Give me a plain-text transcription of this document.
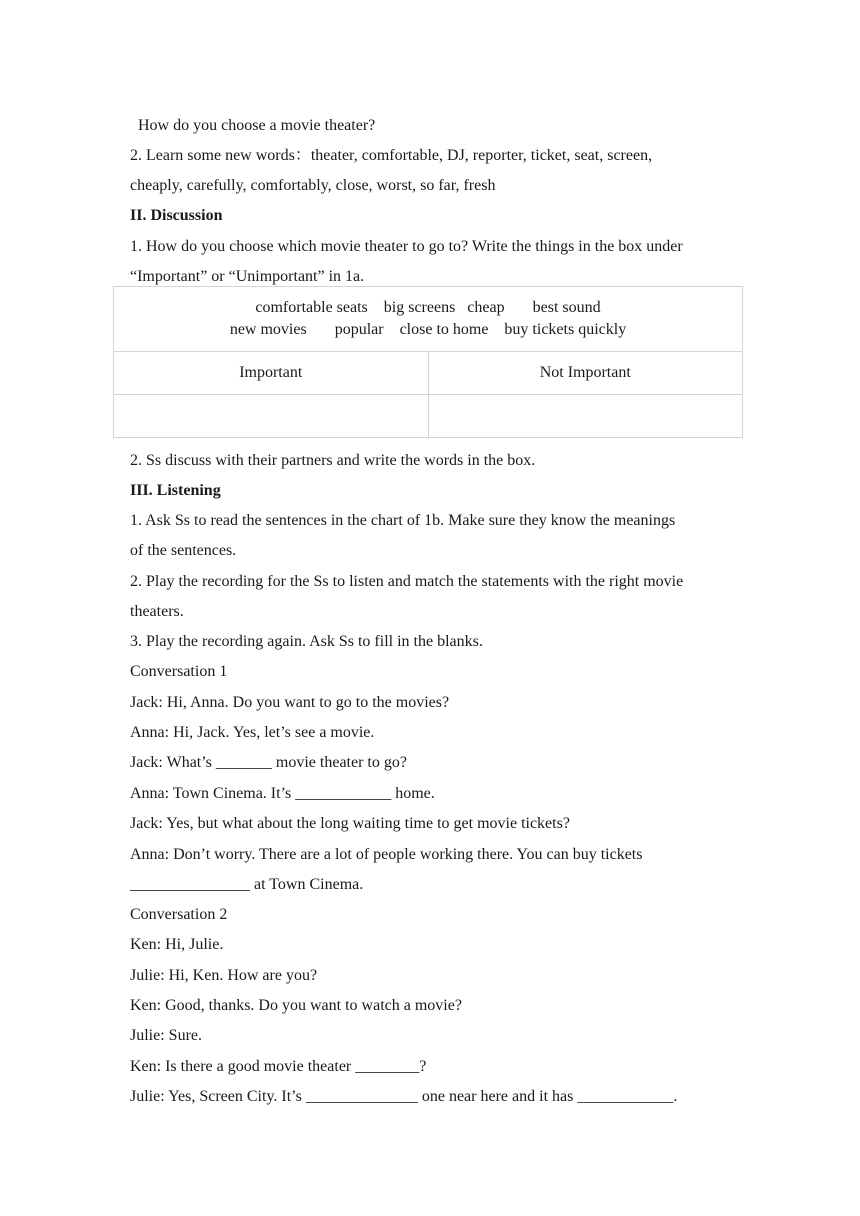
How do you choose a movie theater?
2. Learn some new words：theater, comfortable, DJ, reporter, ticket, seat, screen,
cheaply, carefully, comfortably, close, worst, so far, fresh
II. Discussion
1. How do you choose which movie theater to go to? Write the things in the box under
“Important” or “Unimportant” in 1a.
comfortable seats    big screens   cheap       best sound
new movies       popular    close to home    buy tickets quickly	

Important	Not Important

2. Ss discuss with their partners and write the words in the box.
III. Listening
1. Ask Ss to read the sentences in the chart of 1b. Make sure they know the meanings
of the sentences.
2. Play the recording for the Ss to listen and match the statements with the right movie
theaters.
3. Play the recording again. Ask Ss to fill in the blanks.
Conversation 1
Jack: Hi, Anna. Do you want to go to the movies?
Anna: Hi, Jack. Yes, let’s see a movie.
Jack: What’s _______ movie theater to go?
Anna: Town Cinema. It’s ____________ home.
Jack: Yes, but what about the long waiting time to get movie tickets?
Anna: Don’t worry. There are a lot of people working there. You can buy tickets
_______________ at Town Cinema.
Conversation 2
Ken: Hi, Julie.
Julie: Hi, Ken. How are you?
Ken: Good, thanks. Do you want to watch a movie?
Julie: Sure.
Ken: Is there a good movie theater ________?
Julie: Yes, Screen City. It’s ______________ one near here and it has ____________.
